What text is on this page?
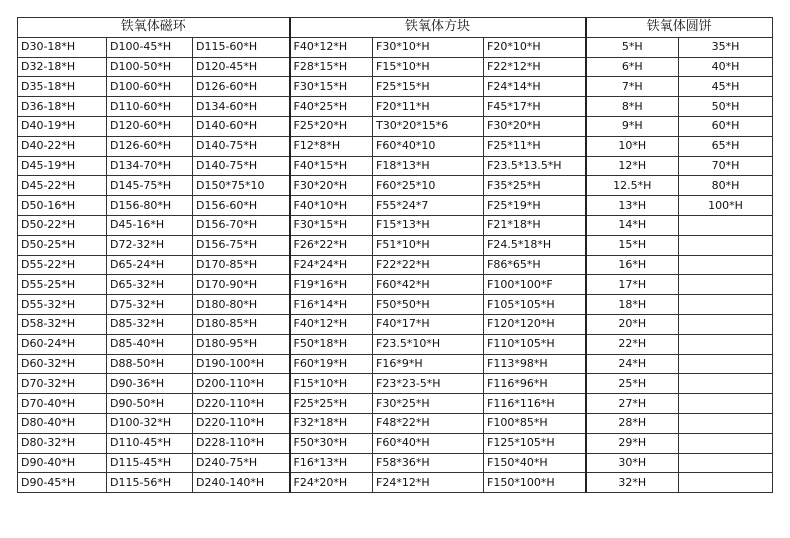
铁氧体磁环			铁氧体方块			铁氧体圆饼	
D30-18*H	D100-45*H	D115-60*H	F40*12*H	F30*10*H	F20*10*H	5*H	35*H
D32-18*H	D100-50*H	D120-45*H	F28*15*H	F15*10*H	F22*12*H	6*H	40*H
D35-18*H	D100-60*H	D126-60*H	F30*15*H	F25*15*H	F24*14*H	7*H	45*H
D36-18*H	D110-60*H	D134-60*H	F40*25*H	F20*11*H	F45*17*H	8*H	50*H
D40-19*H	D120-60*H	D140-60*H	F25*20*H	T30*20*15*6	F30*20*H	9*H	60*H
D40-22*H	D126-60*H	D140-75*H	F12*8*H	F60*40*10	F25*11*H	10*H	65*H
D45-19*H	D134-70*H	D140-75*H	F40*15*H	F18*13*H	F23.5*13.5*H	12*H	70*H
D45-22*H	D145-75*H	D150*75*10	F30*20*H	F60*25*10	F35*25*H	12.5*H	80*H
D50-16*H	D156-80*H	D156-60*H	F40*10*H	F55*24*7	F25*19*H	13*H	100*H
D50-22*H	D45-16*H	D156-70*H	F30*15*H	F15*13*H	F21*18*H	14*H	
D50-25*H	D72-32*H	D156-75*H	F26*22*H	F51*10*H	F24.5*18*H	15*H	
D55-22*H	D65-24*H	D170-85*H	F24*24*H	F22*22*H	F86*65*H	16*H	
D55-25*H	D65-32*H	D170-90*H	F19*16*H	F60*42*H	F100*100*F	17*H	
D55-32*H	D75-32*H	D180-80*H	F16*14*H	F50*50*H	F105*105*H	18*H	
D58-32*H	D85-32*H	D180-85*H	F40*12*H	F40*17*H	F120*120*H	20*H	
D60-24*H	D85-40*H	D180-95*H	F50*18*H	F23.5*10*H	F110*105*H	22*H	
D60-32*H	D88-50*H	D190-100*H	F60*19*H	F16*9*H	F113*98*H	24*H	
D70-32*H	D90-36*H	D200-110*H	F15*10*H	F23*23-5*H	F116*96*H	25*H	
D70-40*H	D90-50*H	D220-110*H	F25*25*H	F30*25*H	F116*116*H	27*H	
D80-40*H	D100-32*H	D220-110*H	F32*18*H	F48*22*H	F100*85*H	28*H	
D80-32*H	D110-45*H	D228-110*H	F50*30*H	F60*40*H	F125*105*H	29*H	
D90-40*H	D115-45*H	D240-75*H	F16*13*H	F58*36*H	F150*40*H	30*H	
D90-45*H	D115-56*H	D240-140*H	F24*20*H	F24*12*H	F150*100*H	32*H	
